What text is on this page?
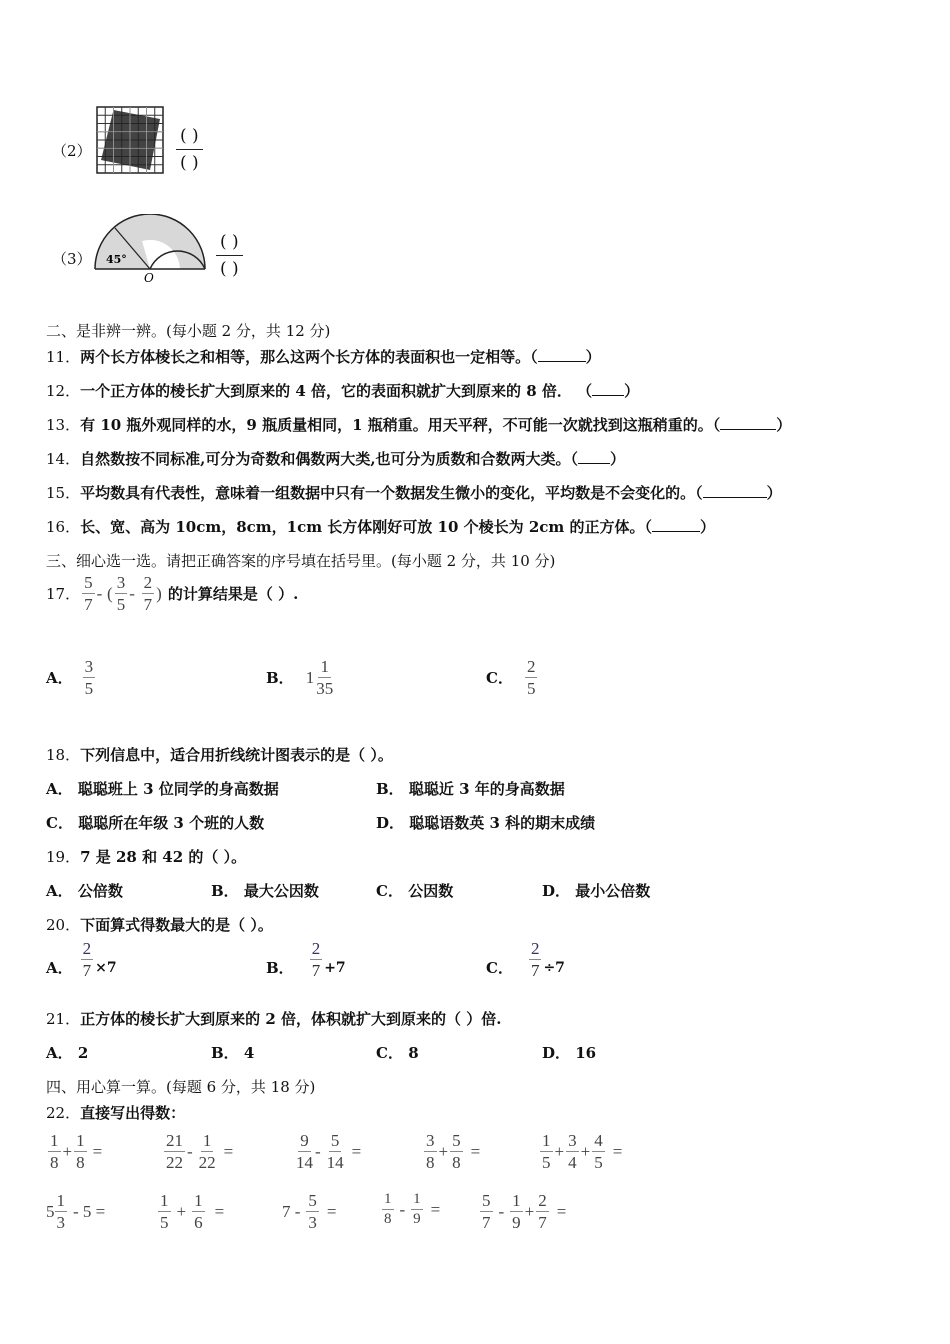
（2）
( )
( )
（3） 45°
O
( )
( )
二、是非辨一辨。(每小题 2 分，共 12 分)
11．两个长方体棱长之和相等，那么这两个长方体的表面积也一定相等。（	）
12．一个正方体的棱长扩大到原来的 4 倍，它的表面积就扩大到原来的 8 倍． （ ）
13．有 10 瓶外观同样的水，9 瓶质量相同，1 瓶稍重。用天平秤，不可能一次就找到这瓶稍重的。（	）
14．自然数按不同标准,可分为奇数和偶数两大类,也可分为质数和合数两大类。（ ）
15．平均数具有代表性，意味着一组数据中只有一个数据发生微小的变化，平均数是不会变化的。（	）
16．长、宽、高为 10cm，8cm，1cm 长方体刚好可放 10 个棱长为 2cm 的正方体。（	）
三、细心选一选。请把正确答案的序号填在括号里。(每小题 2 分，共 10 分)
17． $\frac{5}{7}$ -
( $\frac{3}{5}$ -
$\frac{2}{7}$ ) 的计算结果是（ ）.
A． $\frac{3}{5}$	B． $1 \frac{1}{35}$	C． $\frac{2}{5}$
18．下列信息中，适合用折线统计图表示的是（ ）。
A． 聪聪班上 3 位同学的身高数据	B． 聪聪近 3 年的身高数据
C． 聪聪所在年级 3 个班的人数	D． 聪聪语数英 3 科的期末成绩
19．7 是 28 和 42 的（ ）。
A． 公倍数	B． 最大公因数	C． 公因数	D． 最小公倍数
20．下面算式得数最大的是（ ）。
A． $\frac{2}{7} \times 7$	B． $\frac{2}{7} +7$	C． $\frac{2}{7} \div 7$
21．正方体的棱长扩大到原来的 2 倍，体积就扩大到原来的（ ）倍.
A． 2	B． 4	C． 8	D． 16
四、用心算一算。(每题 6 分，共 18 分)
22．直接写出得数：
$\frac{1}{8} + \frac{1}{8}$ =	$\frac{21}{22} - \frac{1}{22}$ =	$\frac{9}{14} - \frac{5}{14}$ =	$\frac{3}{8} + \frac{5}{8}$ =	$\frac{1}{5} + \frac{3}{4} + \frac{4}{5}$ =
$5 \frac{1}{3} - 5$ =	$\frac{1}{5} + \frac{1}{6}$ =	$7 - \frac{5}{3}$ =	$\frac{1}{8} - \frac{1}{9} = \frac{5}{7} - \frac{1}{9} + \frac{2}{7}$ =
